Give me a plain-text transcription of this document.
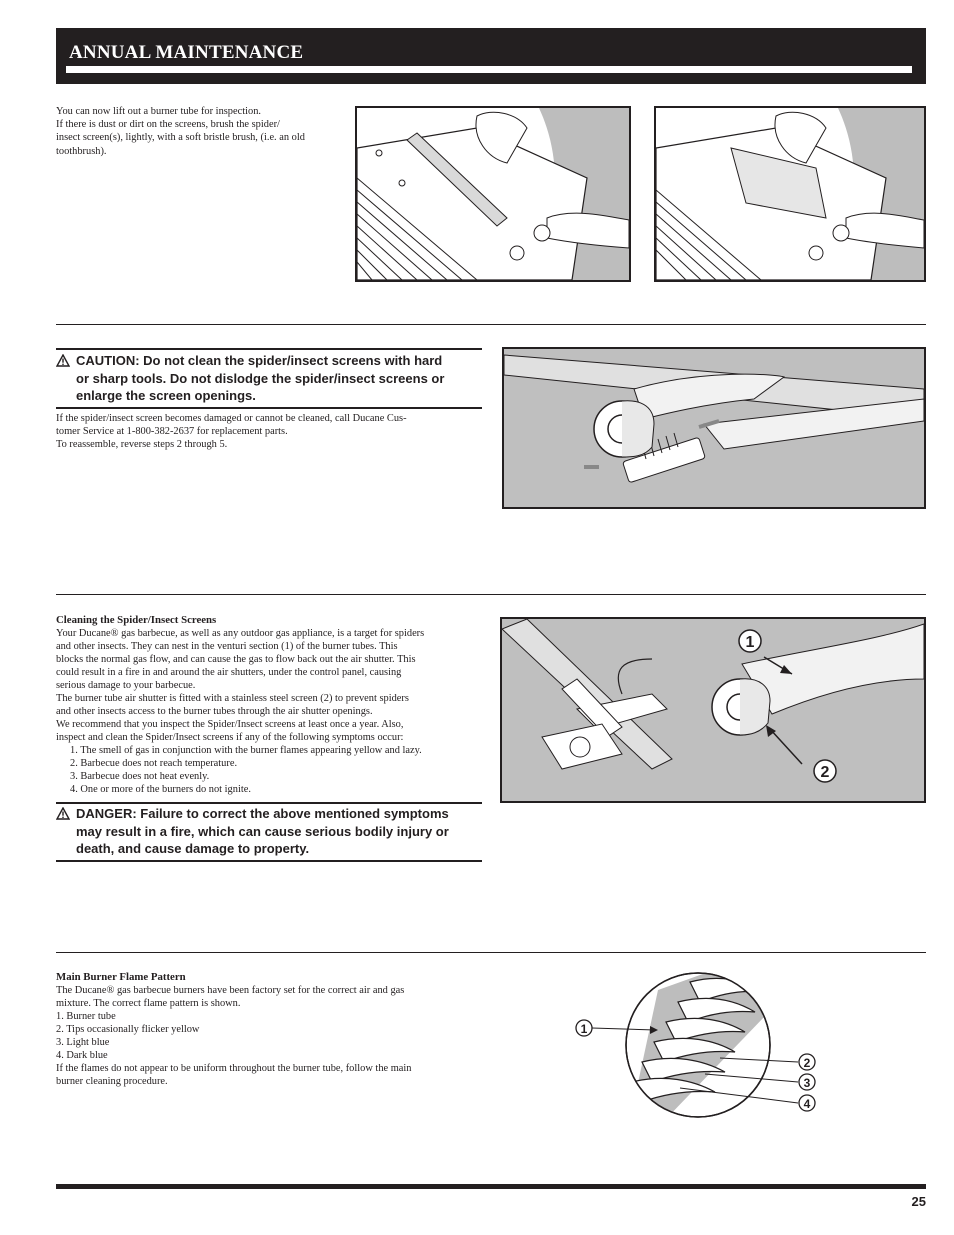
ANNUAL MAINTENANCE

You can now lift out a burner tube for inspection.

If there is dust or dirt on the screens, brush the spider/

insect screen(s), lightly, with a soft bristle brush, (i.e. an old

toothbrush).

CAUTION: Do not clean the spider/insect screens with hard
or sharp tools. Do not dislodge the spider/insect screens or
enlarge the screen openings.

If the spider/insect screen becomes damaged or cannot be cleaned, call Ducane Cus-

tomer Service at 1-800-382-2637 for replacement parts.

To reassemble, reverse steps 2 through 5.

Cleaning the Spider/Insect Screens

Your Ducane® gas barbecue, as well as any outdoor gas appliance, is a target for spiders

and other insects. They can nest in the venturi section (1) of the burner tubes. This

blocks the normal gas flow, and can cause the gas to flow back out the air shutter. This

could result in a fire in and around the air shutters, under the control panel, causing

serious damage to your barbecue.

The burner tube air shutter is fitted with a stainless steel screen (2) to prevent spiders

and other insects access to the burner tubes through the air shutter openings.

We recommend that you inspect the Spider/Insect screens at least once a year. Also,

inspect and clean the Spider/Insect screens if any of the following symptoms occur:

1. The smell of gas in conjunction with the burner flames appearing yellow and lazy.

2. Barbecue does not reach temperature.

3. Barbecue does not heat evenly.

4. One or more of the burners do not ignite.

DANGER: Failure to correct the above mentioned symptoms
may result in a fire, which can cause serious bodily injury or
death, and cause damage to property.
1
2

Main Burner Flame Pattern

The Ducane® gas barbecue burners have been factory set for the correct air and gas

mixture. The correct flame pattern is shown.

1. Burner tube

2. Tips occasionally flicker yellow

3. Light blue

4. Dark blue

If the flames do not appear to be uniform throughout the burner tube, follow the main

burner cleaning procedure.

1
2
3
4
25
